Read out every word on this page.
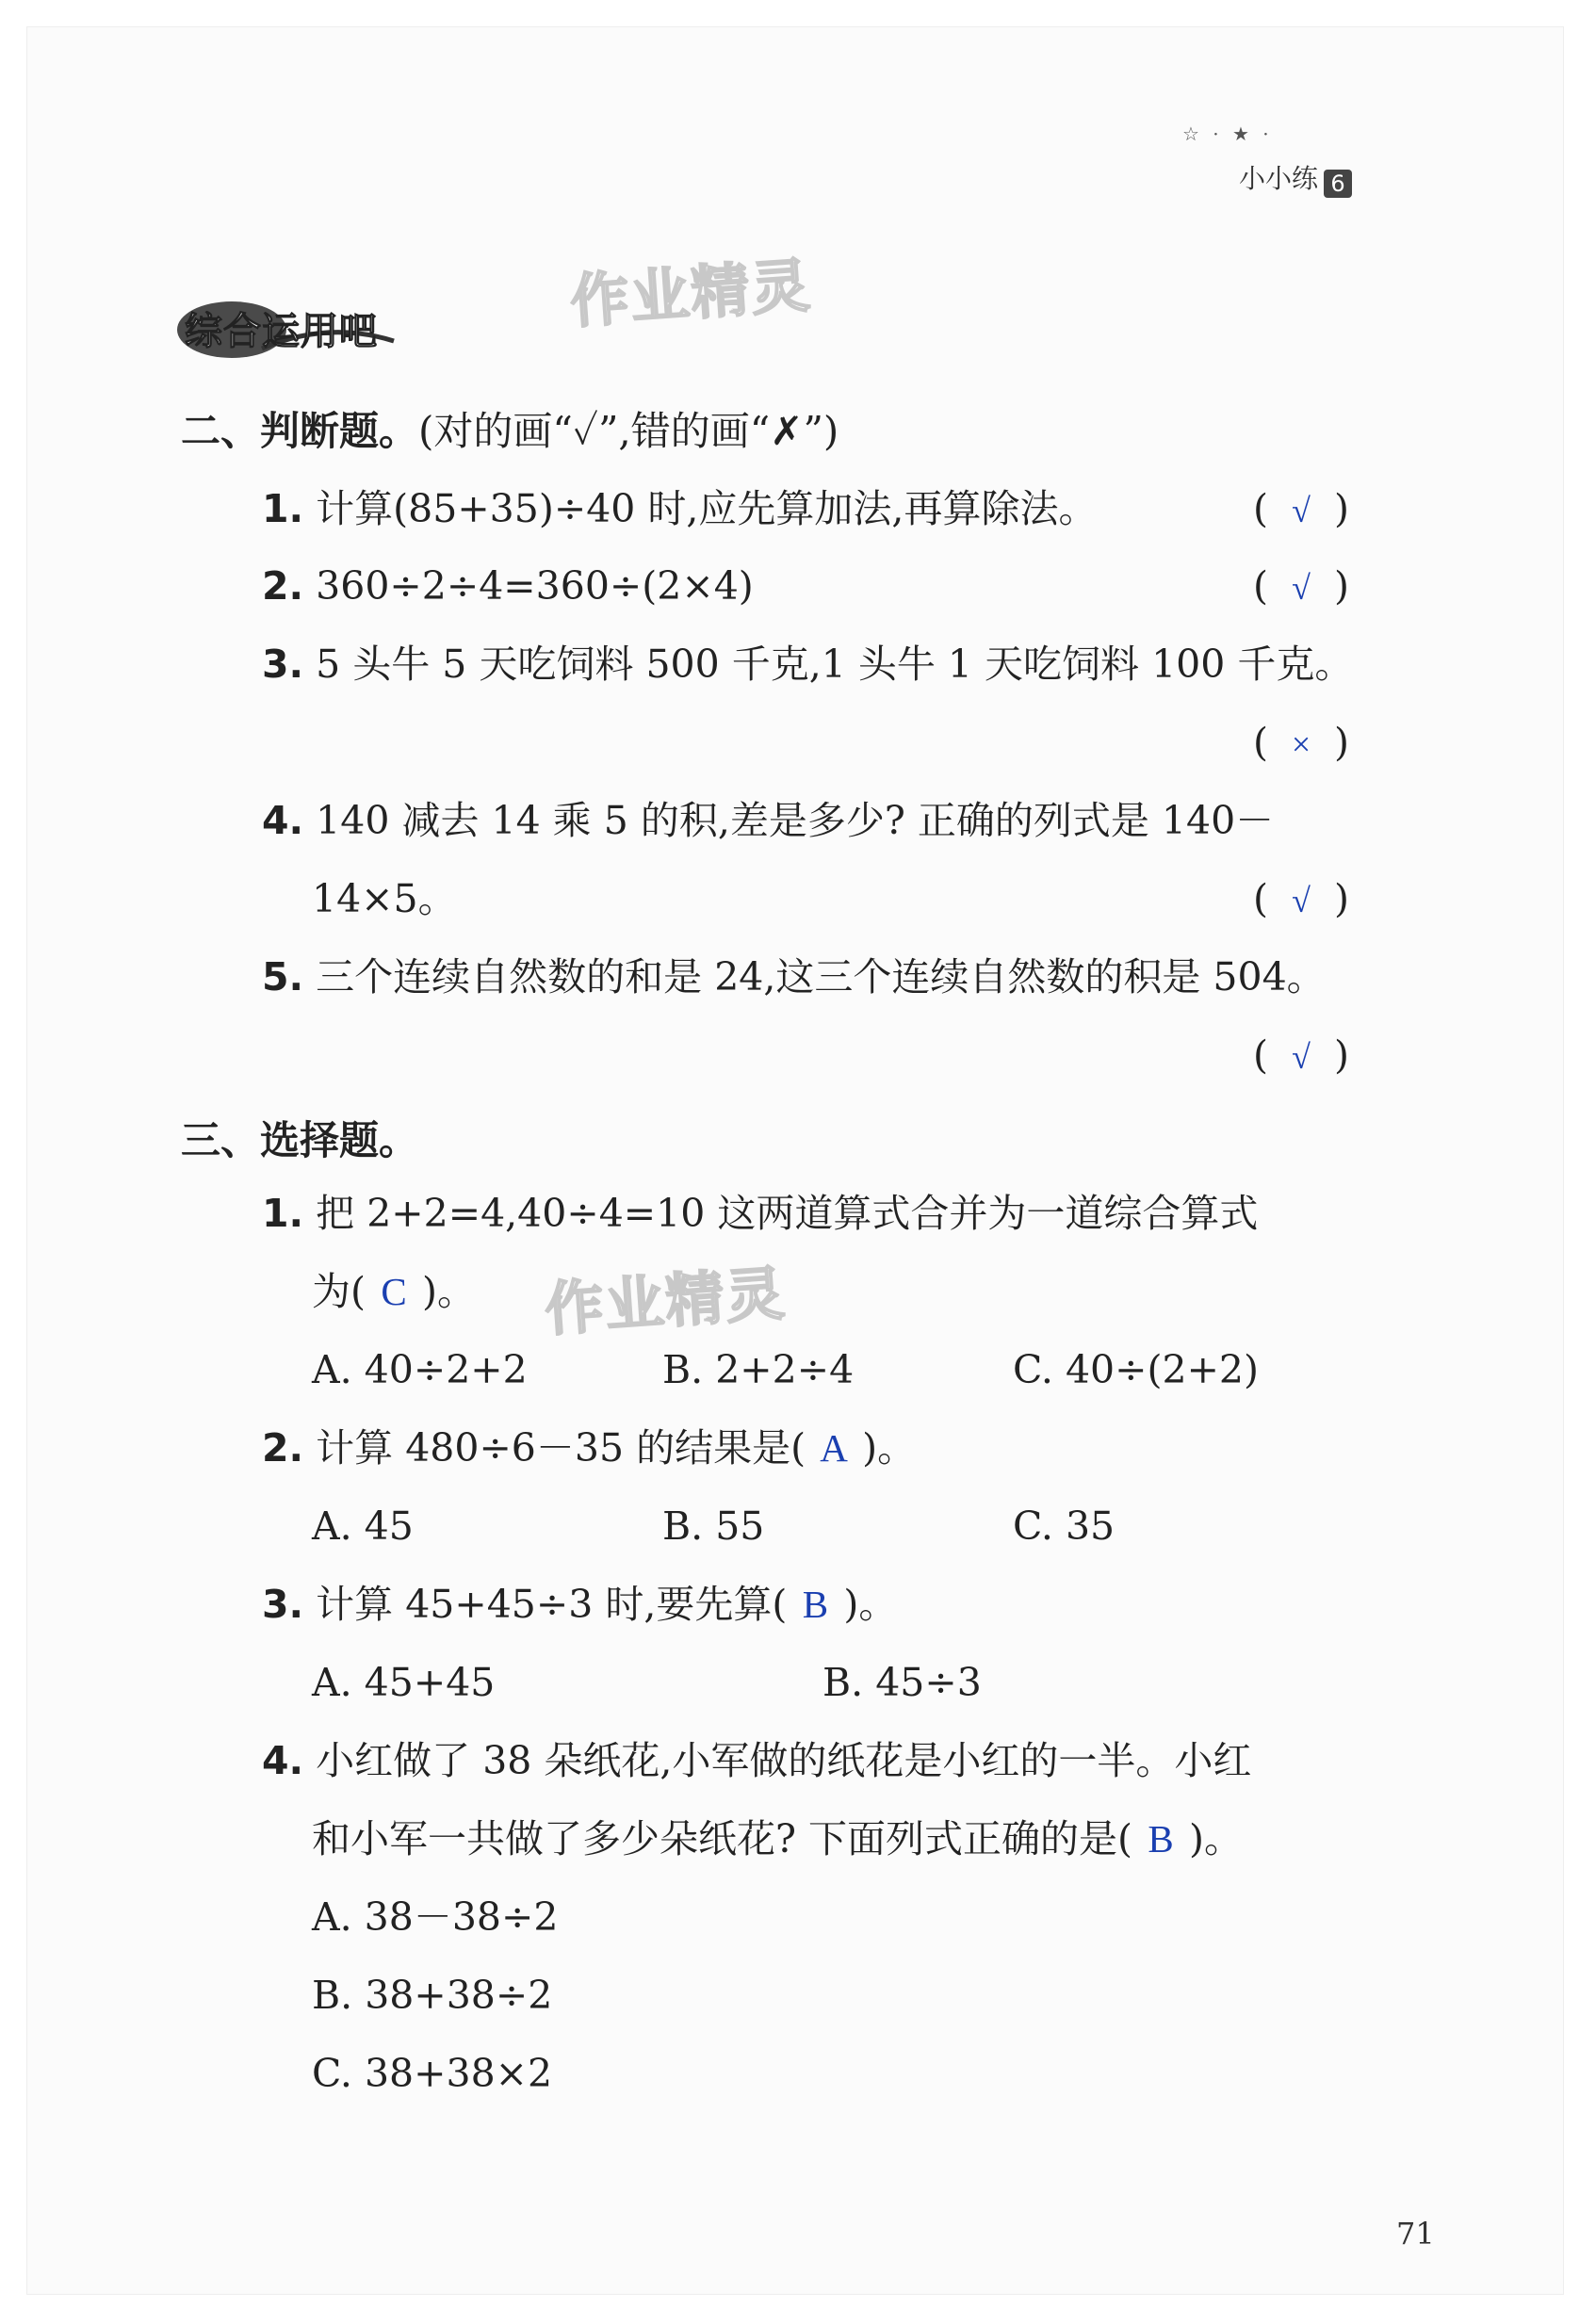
☆ · ★ ·
小小练 6
综合运用吧	作业精灵
作业精灵
二、判断题。(对的画“✓”,错的画“✗”)
1. 计算(85+35)÷40 时,应先算加法,再算除法。	( √ )
2. 360÷2÷4=360÷(2×4)	( √ )
3. 5 头牛 5 天吃饲料 500 千克,1 头牛 1 天吃饲料 100 千克。
( × )
4. 140 减去 14 乘 5 的积,差是多少? 正确的列式是 140－
14×5。	( √ )
5. 三个连续自然数的和是 24,这三个连续自然数的积是 504。
( √ )
三、选择题。
1. 把 2+2=4,40÷4=10 这两道算式合并为一道综合算式
为( C )。
A. 40÷2+2	B. 2+2÷4	C. 40÷(2+2)
2. 计算 480÷6－35 的结果是( A )。
A. 45	B. 55	C. 35
3. 计算 45+45÷3 时,要先算( B )。
A. 45+45	B. 45÷3
4. 小红做了 38 朵纸花,小军做的纸花是小红的一半。小红
和小军一共做了多少朵纸花? 下面列式正确的是( B )。
A. 38－38÷2
B. 38+38÷2
C. 38+38×2
71
